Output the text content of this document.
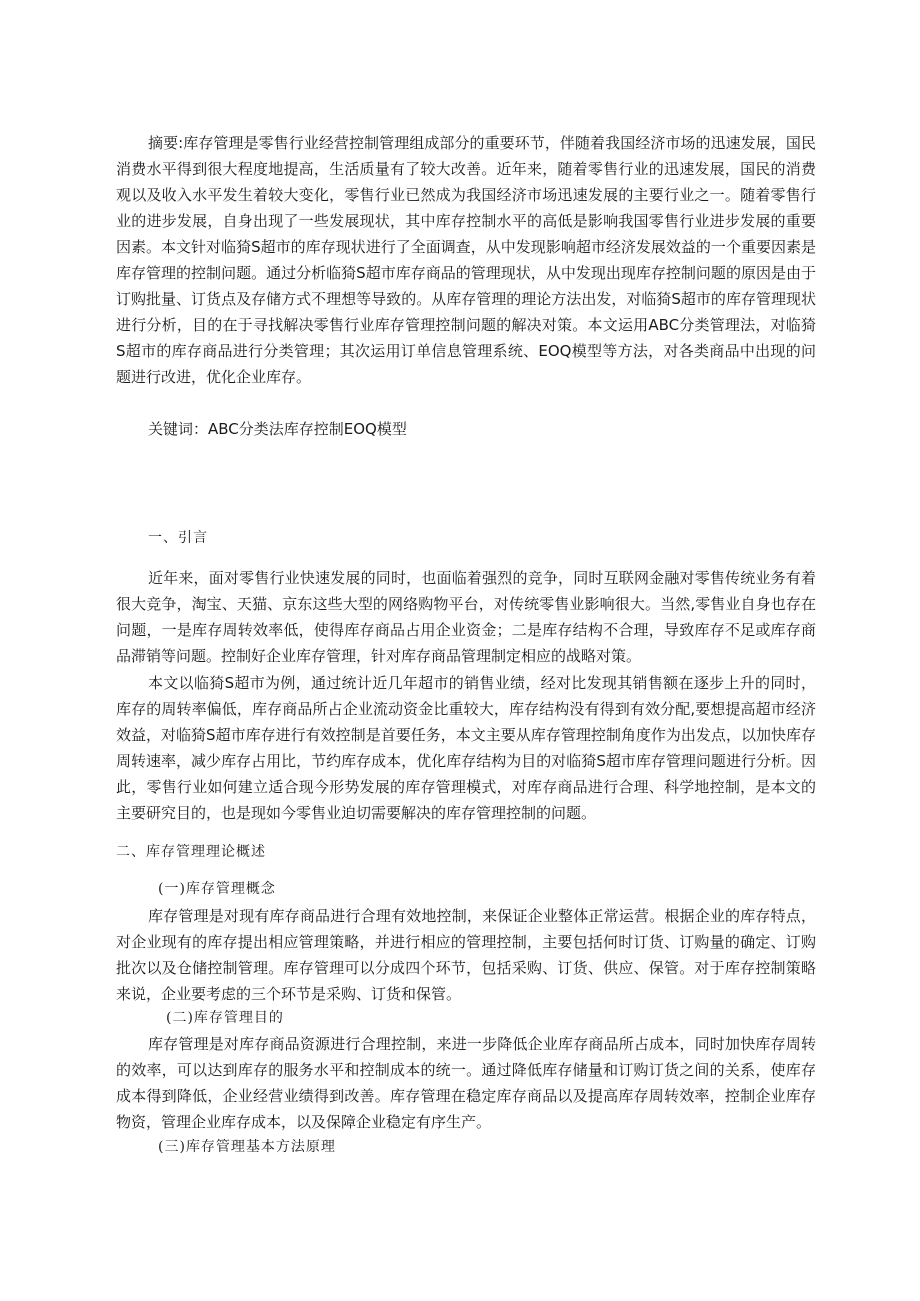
摘要:库存管理是零售行业经营控制管理组成部分的重要环节，伴随着我国经济市场的迅速发展，国民消费水平得到很大程度地提高，生活质量有了较大改善。近年来，随着零售行业的迅速发展，国民的消费观以及收入水平发生着较大变化，零售行业已然成为我国经济市场迅速发展的主要行业之一。随着零售行业的进步发展，自身出现了一些发展现状，其中库存控制水平的高低是影响我国零售行业进步发展的重要因素。本文针对临猗S超市的库存现状进行了全面调查，从中发现影响超市经济发展效益的一个重要因素是库存管理的控制问题。通过分析临猗S超市库存商品的管理现状，从中发现出现库存控制问题的原因是由于订购批量、订货点及存储方式不理想等导致的。从库存管理的理论方法出发，对临猗S超市的库存管理现状进行分析，目的在于寻找解决零售行业库存管理控制问题的解决对策。本文运用ABC分类管理法，对临猗S超市的库存商品进行分类管理；其次运用订单信息管理系统、EOQ模型等方法，对各类商品中出现的问题进行改进，优化企业库存。

关键词：ABC分类法库存控制EOQ模型

一、引言

近年来，面对零售行业快速发展的同时，也面临着强烈的竞争，同时互联网金融对零售传统业务有着很大竞争，淘宝、天猫、京东这些大型的网络购物平台，对传统零售业影响很大。当然,零售业自身也存在问题，一是库存周转效率低，使得库存商品占用企业资金；二是库存结构不合理，导致库存不足或库存商品滞销等问题。控制好企业库存管理，针对库存商品管理制定相应的战略对策。

本文以临猗S超市为例，通过统计近几年超市的销售业绩，经对比发现其销售额在逐步上升的同时，库存的周转率偏低，库存商品所占企业流动资金比重较大，库存结构没有得到有效分配,要想提高超市经济效益，对临猗S超市库存进行有效控制是首要任务，本文主要从库存管理控制角度作为出发点，以加快库存周转速率，减少库存占用比，节约库存成本，优化库存结构为目的对临猗S超市库存管理问题进行分析。因此，零售行业如何建立适合现今形势发展的库存管理模式，对库存商品进行合理、科学地控制，是本文的主要研究目的，也是现如今零售业迫切需要解决的库存管理控制的问题。

二、库存管理理论概述

(一)库存管理概念

库存管理是对现有库存商品进行合理有效地控制，来保证企业整体正常运营。根据企业的库存特点，对企业现有的库存提出相应管理策略，并进行相应的管理控制，主要包括何时订货、订购量的确定、订购批次以及仓储控制管理。库存管理可以分成四个环节，包括采购、订货、供应、保管。对于库存控制策略来说，企业要考虑的三个环节是采购、订货和保管。

(二)库存管理目的

库存管理是对库存商品资源进行合理控制，来进一步降低企业库存商品所占成本，同时加快库存周转的效率，可以达到库存的服务水平和控制成本的统一。通过降低库存储量和订购订货之间的关系，使库存成本得到降低，企业经营业绩得到改善。库存管理在稳定库存商品以及提高库存周转效率，控制企业库存物资，管理企业库存成本，以及保障企业稳定有序生产。

(三)库存管理基本方法原理
